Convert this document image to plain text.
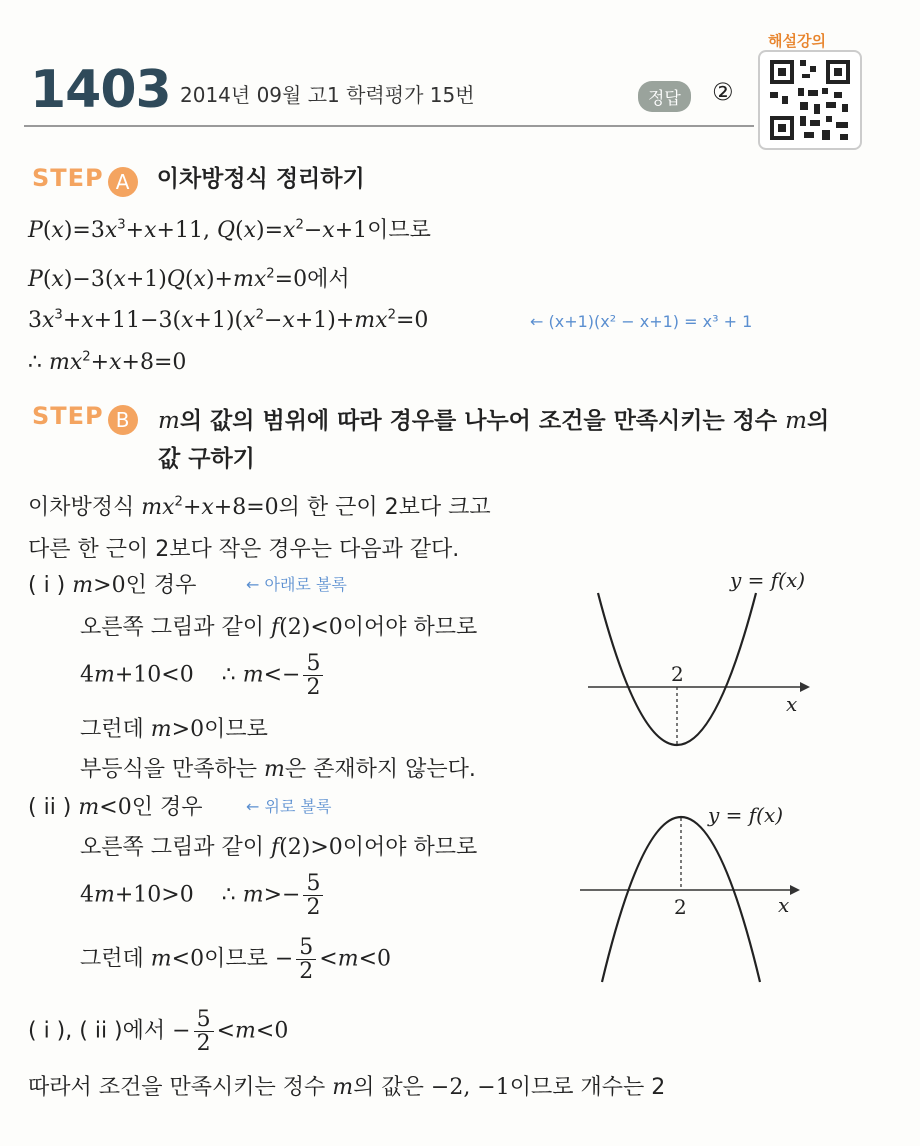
1403 2014년 09월 고1 학력평가 15번	정답	②
해설강의
STEP A 이차방정식 정리하기
$P(x)=3x^3+x+11$, $Q(x)=x^2-x+1$이므로
$P(x)-3(x+1)Q(x)+mx^2=0$에서
$3x^3+x+11-3(x+1)(x^2-x+1)+mx^2=0$	← (x+1)(x² − x+1) = x³ + 1
∴ $mx^2+x+8=0$
STEP B	m의 값의 범위에 따라 경우를 나누어 조건을 만족시키는 정수 m의
값 구하기
이차방정식 $mx^2+x+8=0$의 한 근이 2보다 크고
다른 한 근이 2보다 작은 경우는 다음과 같다.
( i ) m>0인 경우	← 아래로 볼록
오른쪽 그림과 같이 f(2)<0이어야 하므로
4m+10<0 ∴ $m<- \frac{5}{2}$
그런데 m>0이므로
부등식을 만족하는 m은 존재하지 않는다.
( ii ) m<0인 경우	← 위로 볼록
오른쪽 그림과 같이 f(2)>0이어야 하므로
4m+10>0 ∴ $m>- \frac{5}{2}$
그런데 m<0이므로 − $\frac{5}{2} <m<0$
( i ), ( ii )에서 − $\frac{5}{2} <m<0$
따라서 조건을 만족시키는 정수 m의 값은 −2, −1이므로 개수는 2
2
x
y = f(x)
2	x
y = f(x)
